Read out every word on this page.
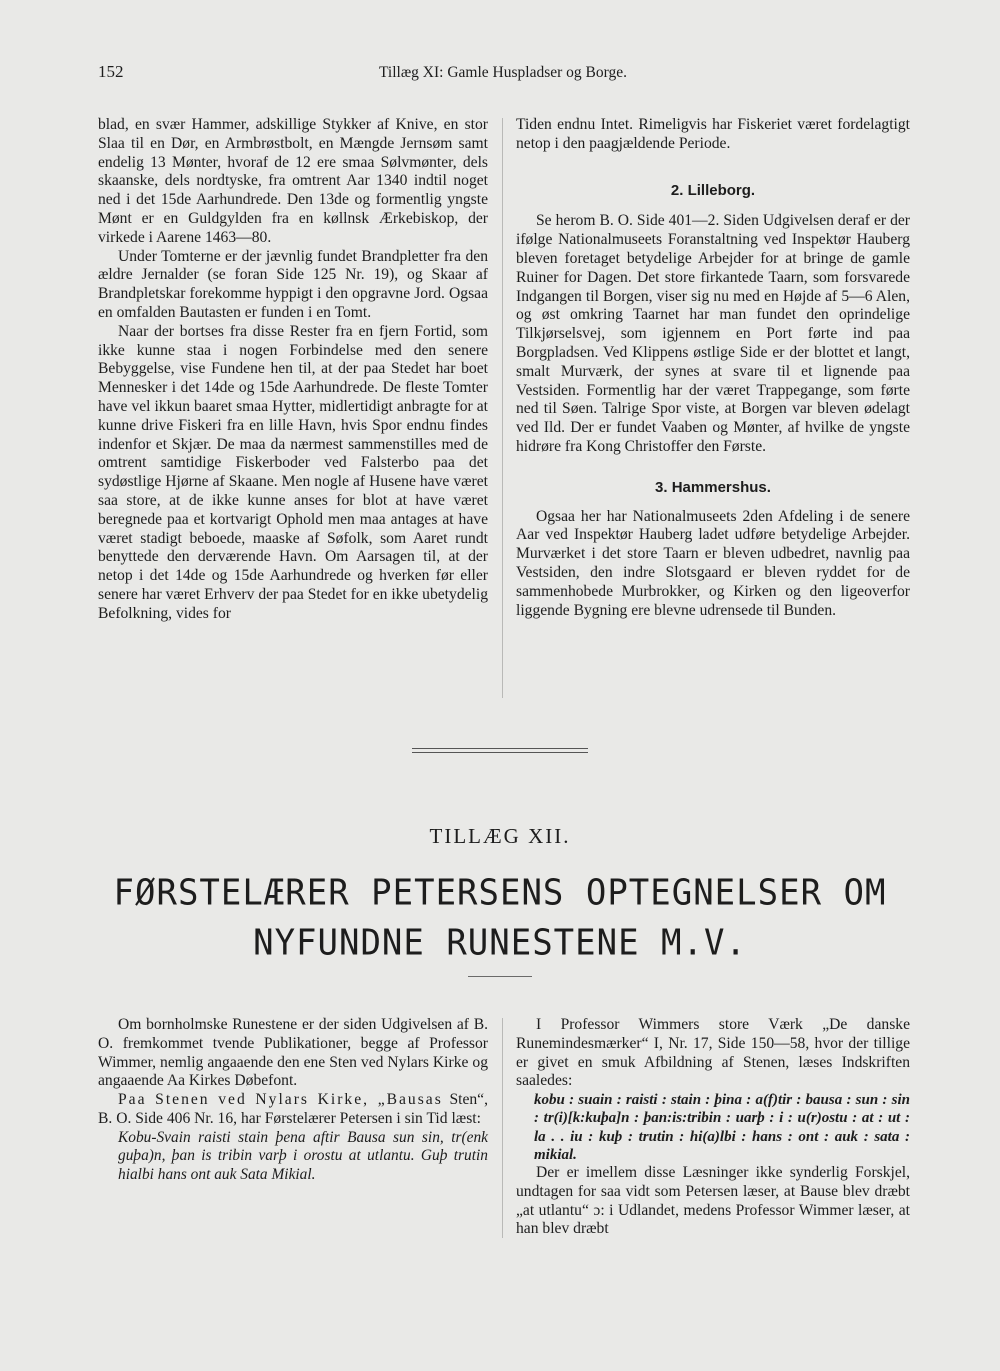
152	Tillæg XI: Gamle Huspladser og Borge.

blad, en svær Hammer, adskillige Stykker af Knive, en stor Slaa til en Dør, en Armbrøstbolt, en Mængde Jernsøm samt endelig 13 Mønter, hvoraf de 12 ere smaa Sølvmønter, dels skaanske, dels nordtyske, fra omtrent Aar 1340 indtil noget ned i det 15de Aarhundrede. Den 13de og formentlig yngste Mønt er en Guldgylden fra en køllnsk Ærkebiskop, der virkede i Aarene 1463—80.

Under Tomterne er der jævnlig fundet Brandpletter fra den ældre Jernalder (se foran Side 125 Nr. 19), og Skaar af Brandpletskar forekomme hyppigt i den opgravne Jord. Ogsaa en omfalden Bautasten er funden i en Tomt.

Naar der bortses fra disse Rester fra en fjern Fortid, som ikke kunne staa i nogen Forbindelse med den senere Bebyggelse, vise Fundene hen til, at der paa Stedet har boet Mennesker i det 14de og 15de Aarhundrede. De fleste Tomter have vel ikkun baaret smaa Hytter, midlertidigt anbragte for at kunne drive Fiskeri fra en lille Havn, hvis Spor endnu findes indenfor et Skjær. De maa da nærmest sammenstilles med de omtrent samtidige Fiskerboder ved Falsterbo paa det sydøstlige Hjørne af Skaane. Men nogle af Husene have været saa store, at de ikke kunne anses for blot at have været beregnede paa et kortvarigt Ophold men maa antages at have været stadigt beboede, maaske af Søfolk, som Aaret rundt benyttede den derværende Havn. Om Aarsagen til, at der netop i det 14de og 15de Aarhundrede og hverken før eller senere har været Erhverv der paa Stedet for en ikke ubetydelig Befolkning, vides for

Tiden endnu Intet. Rimeligvis har Fiskeriet været fordelagtigt netop i den paagjældende Periode.

2. Lilleborg.

Se herom B. O. Side 401—2. Siden Udgivelsen deraf er der ifølge Nationalmuseets Foranstaltning ved Inspektør Hauberg bleven foretaget betydelige Arbejder for at bringe de gamle Ruiner for Dagen. Det store firkantede Taarn, som forsvarede Indgangen til Borgen, viser sig nu med en Højde af 5—6 Alen, og øst omkring Taarnet har man fundet den oprindelige Tilkjørselsvej, som igjennem en Port førte ind paa Borgpladsen. Ved Klippens østlige Side er der blottet et langt, smalt Murværk, der synes at svare til et lignende paa Vestsiden. Formentlig har der været Trappegange, som førte ned til Søen. Talrige Spor viste, at Borgen var bleven ødelagt ved Ild. Der er fundet Vaaben og Mønter, af hvilke de yngste hidrøre fra Kong Christoffer den Første.

3. Hammershus.

Ogsaa her har Nationalmuseets 2den Afdeling i de senere Aar ved Inspektør Hauberg ladet udføre betydelige Arbejder. Murværket i det store Taarn er bleven udbedret, navnlig paa Vestsiden, den indre Slotsgaard er bleven ryddet for de sammenhobede Murbrokker, og Kirken og den ligeoverfor liggende Bygning ere blevne udrensede til Bunden.

TILLÆG XII.
FØRSTELÆRER PETERSENS OPTEGNELSER OM
NYFUNDNE RUNESTENE M.V.

Om bornholmske Runestene er der siden Udgivelsen af B. O. fremkommet tvende Publikationer, begge af Professor Wimmer, nemlig angaaende den ene Sten ved Nylars Kirke og angaaende Aa Kirkes Døbefont.

Paa Stenen ved Nylars Kirke, „Bausas Sten“, B. O. Side 406 Nr. 16, har Førstelærer Petersen i sin Tid læst:

Kobu-Svain raisti stain þena aftir Bausa sun sin, tr(enk guþa)n, þan is tribin varþ i orostu at utlantu. Guþ trutin hialbi hans ont auk Sata Mikial.

I Professor Wimmers store Værk „De danske Runemindesmærker“ I, Nr. 17, Side 150—58, hvor der tillige er givet en smuk Afbildning af Stenen, læses Indskriften saaledes:

kobu : suain : raisti : stain : þina : a(f)tir : bausa : sun : sin : tr(i)[k:kuþa]n : þan:is:tribin : uarþ : i : u(r)ostu : at : ut : la . . iu : kuþ : trutin : hi(a)lbi : hans : ont : auk : sata : mikial.

Der er imellem disse Læsninger ikke synderlig Forskjel, undtagen for saa vidt som Petersen læser, at Bause blev dræbt „at utlantu“ ɔ: i Udlandet, medens Professor Wimmer læser, at han blev dræbt
